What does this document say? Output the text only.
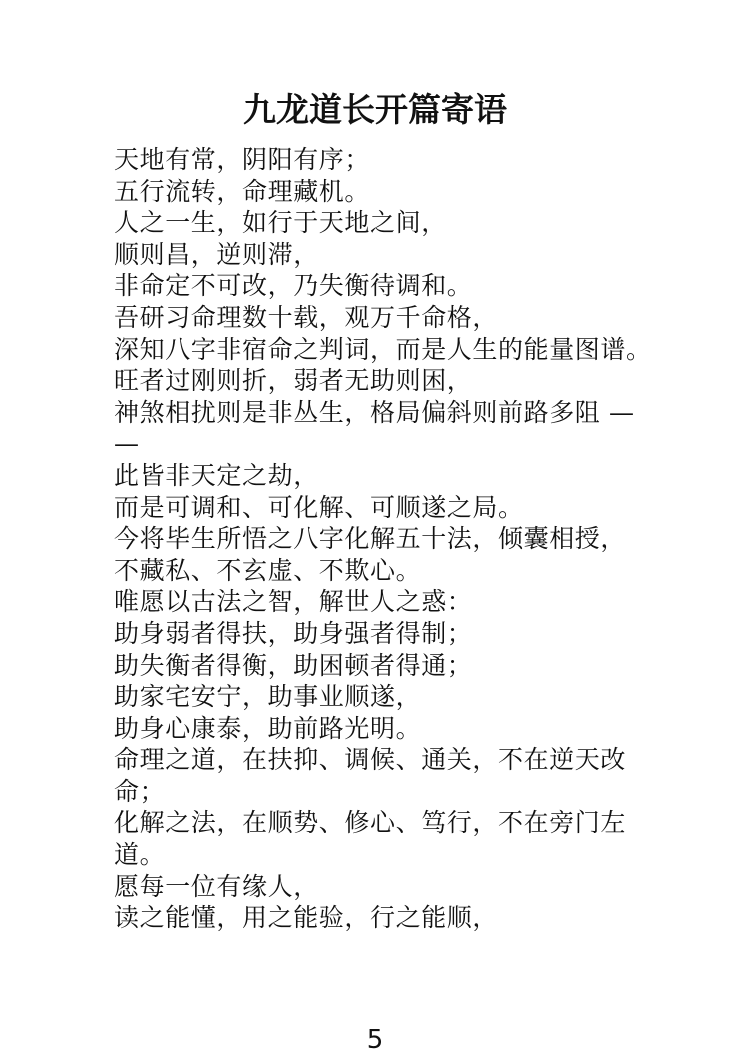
九龙道长开篇寄语
天地有常，阴阳有序；
五行流转，命理藏机。
人之一生，如行于天地之间，
顺则昌，逆则滞，
非命定不可改，乃失衡待调和。
吾研习命理数十载，观万千命格，
深知八字非宿命之判词，而是人生的能量图谱。
旺者过刚则折，弱者无助则困，
神煞相扰则是非丛生，格局偏斜则前路多阻 —
—
此皆非天定之劫，
而是可调和、可化解、可顺遂之局。
今将毕生所悟之八字化解五十法，倾囊相授，
不藏私、不玄虚、不欺心。
唯愿以古法之智，解世人之惑：
助身弱者得扶，助身强者得制；
助失衡者得衡，助困顿者得通；
助家宅安宁，助事业顺遂，
助身心康泰，助前路光明。
命理之道，在扶抑、调候、通关，不在逆天改
命；
化解之法，在顺势、修心、笃行，不在旁门左
道。
愿每一位有缘人，
读之能懂，用之能验，行之能顺，
5
